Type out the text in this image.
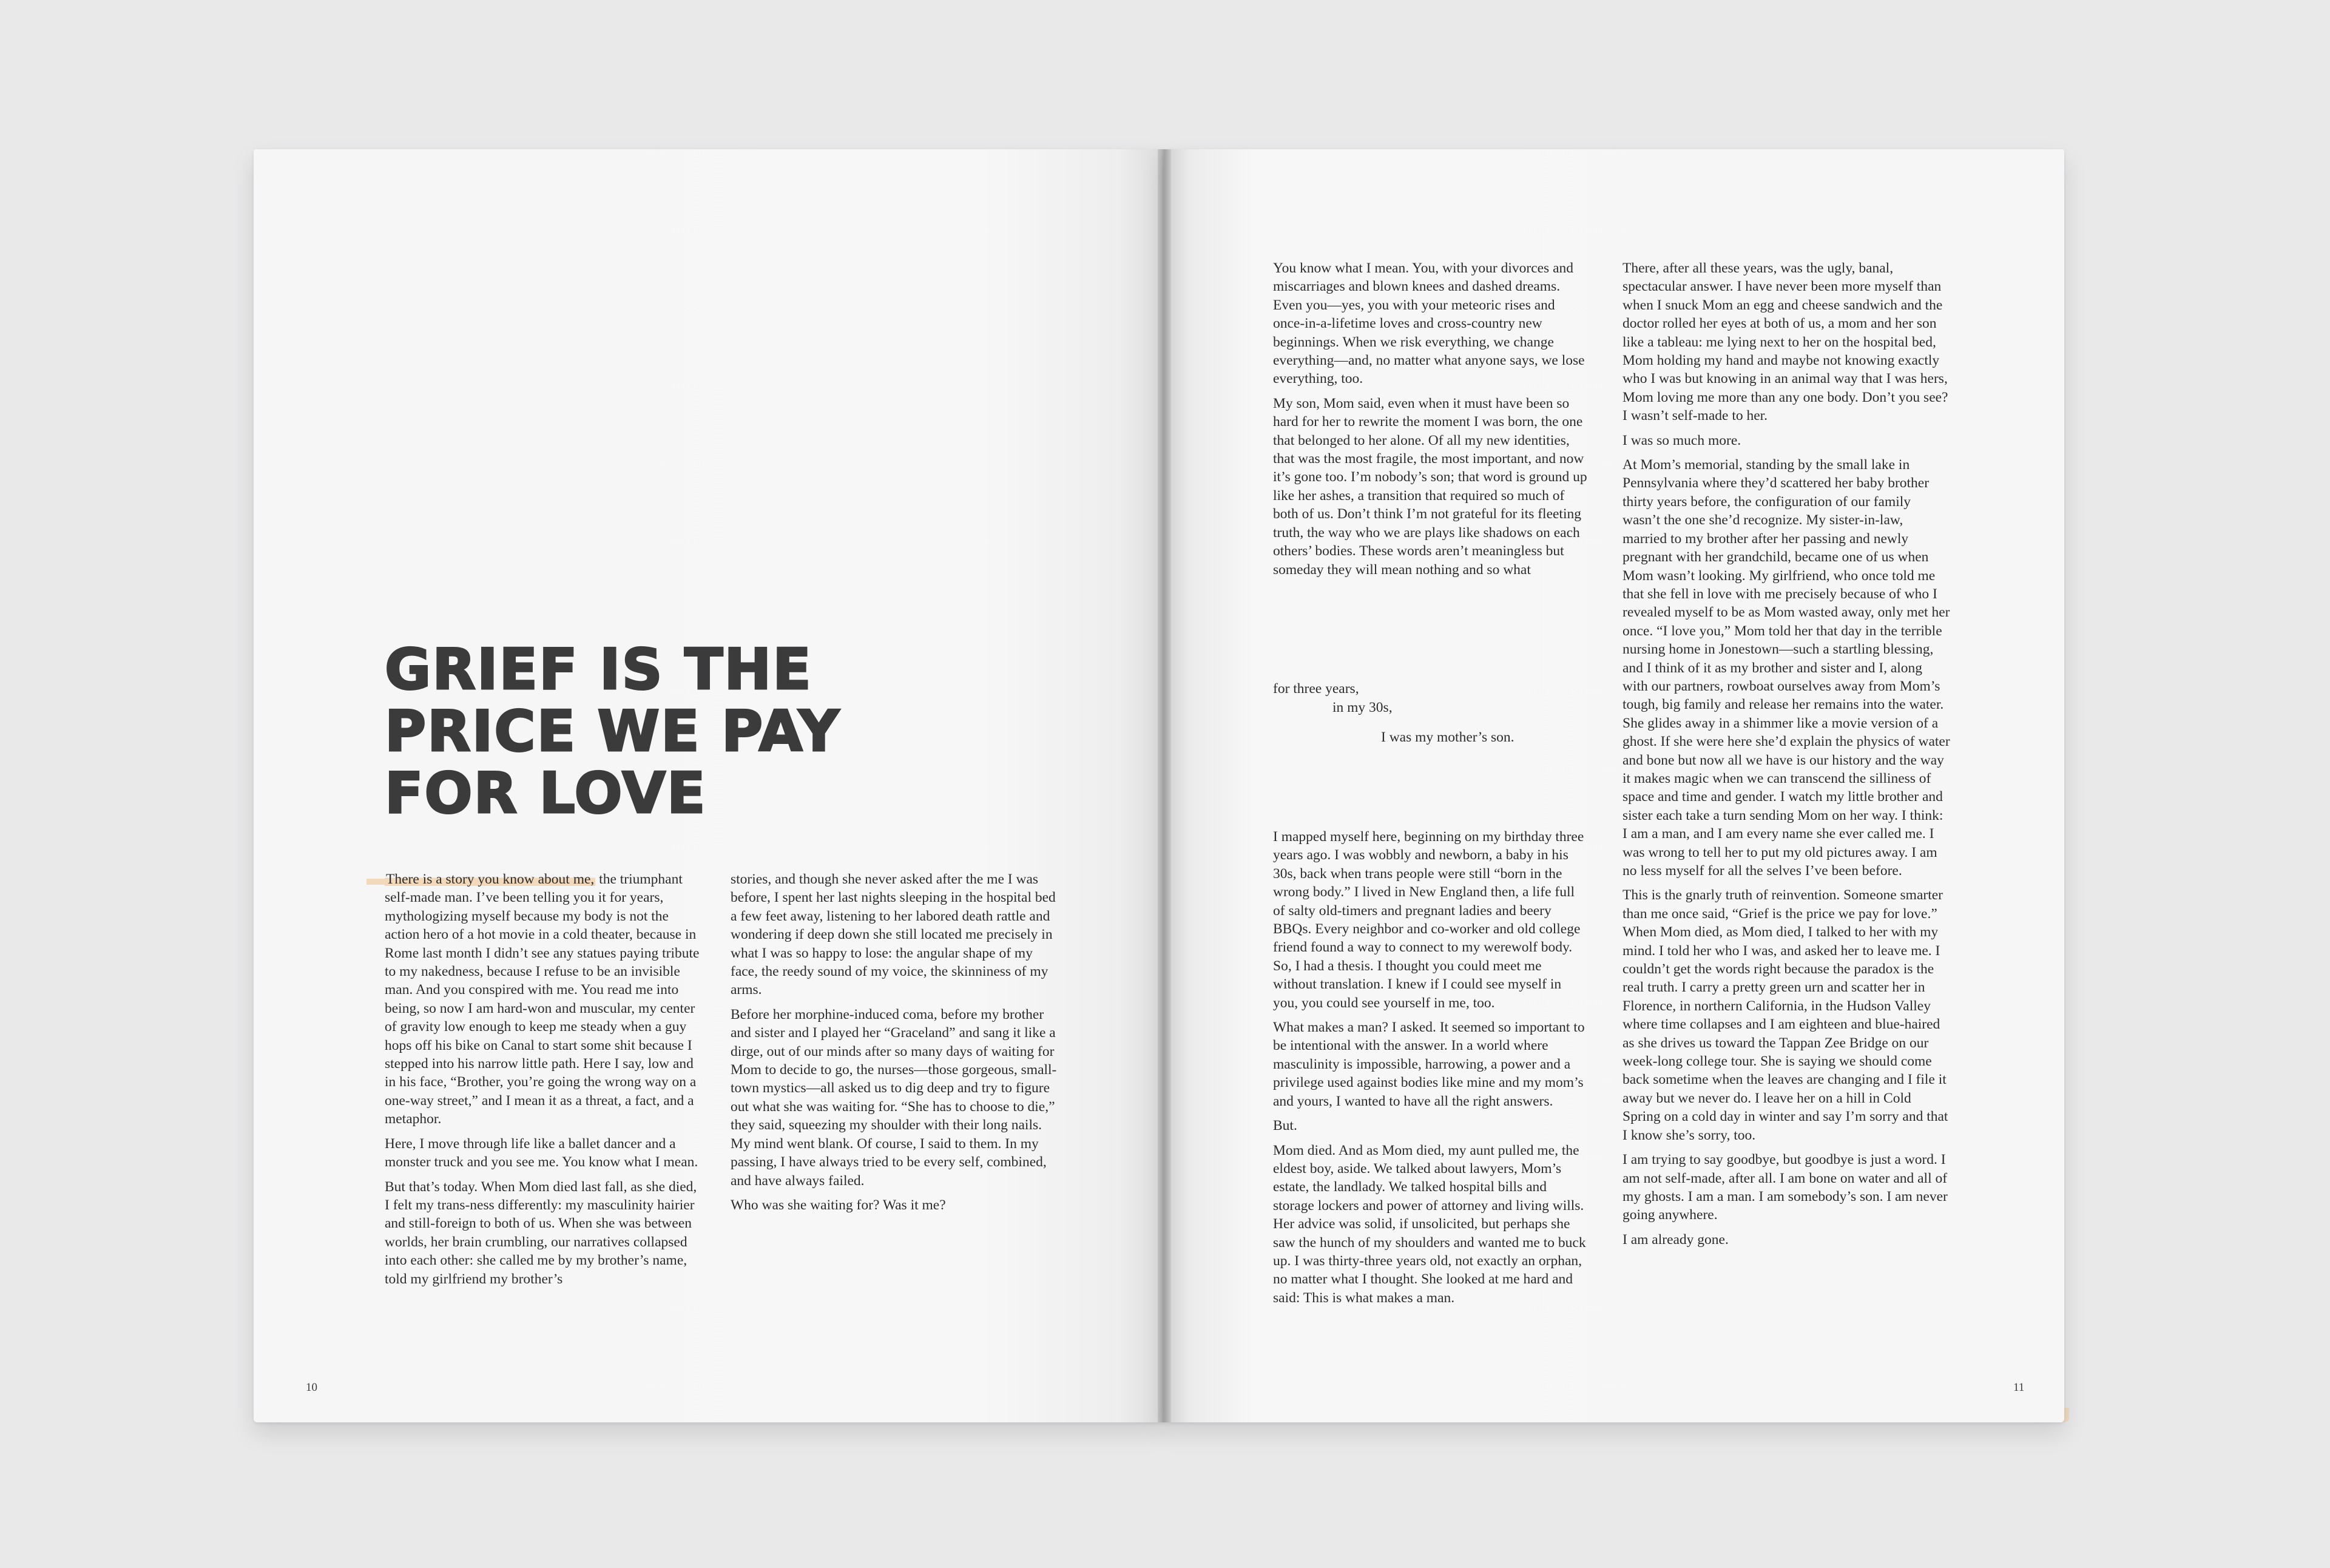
GRIEF IS THE
PRICE WE PAY
FOR LOVE

There is a story you know about me, the triumphant self-made man. I’ve been telling you it for years, mythologizing myself because my body is not the action hero of a hot movie in a cold theater, because in Rome last month I didn’t see any statues paying tribute to my nakedness, because I refuse to be an invisible man. And you conspired with me. You read me into being, so now I am hard-won and muscular, my center of gravity low enough to keep me steady when a guy hops off his bike on Canal to start some shit because I stepped into his narrow little path. Here I say, low and in his face, “Brother, you’re going the wrong way on a one-way street,” and I mean it as a threat, a fact, and a metaphor.

Here, I move through life like a ballet dancer and a monster truck and you see me. You know what I mean.

But that’s today. When Mom died last fall, as she died, I felt my trans-ness differently: my masculinity hairier and still-foreign to both of us. When she was between worlds, her brain crumbling, our narratives collapsed into each other: she called me by my brother’s name, told my girlfriend my brother’s

stories, and though she never asked after the me I was before, I spent her last nights sleeping in the hospital bed a few feet away, listening to her labored death rattle and wondering if deep down she still located me precisely in what I was so happy to lose: the angular shape of my face, the reedy sound of my voice, the skinniness of my arms.

Before her morphine-induced coma, before my brother and sister and I played her “Graceland” and sang it like a dirge, out of our minds after so many days of waiting for Mom to decide to go, the nurses—those gorgeous, small-town mystics—all asked us to dig deep and try to figure out what she was waiting for. “She has to choose to die,” they said, squeezing my shoulder with their long nails. My mind went blank. Of course, I said to them. In my passing, I have always tried to be every self, combined, and have always failed.

Who was she waiting for? Was it me?

You know what I mean. You, with your divorces and miscarriages and blown knees and dashed dreams. Even you—yes, you with your meteoric rises and once-in-a-lifetime loves and cross-country new beginnings. When we risk everything, we change everything—and, no matter what anyone says, we lose everything, too.

My son, Mom said, even when it must have been so hard for her to rewrite the moment I was born, the one that belonged to her alone. Of all my new identities, that was the most fragile, the most important, and now it’s gone too. I’m nobody’s son; that word is ground up like her ashes, a transition that required so much of both of us. Don’t think I’m not grateful for its fleeting truth, the way who we are plays like shadows on each others’ bodies. These words aren’t meaningless but someday they will mean nothing and so what

for three years,
in my 30s,
I was my mother’s son.

I mapped myself here, beginning on my birthday three years ago. I was wobbly and newborn, a baby in his 30s, back when trans people were still “born in the wrong body.” I lived in New England then, a life full of salty old-timers and pregnant ladies and beery BBQs. Every neighbor and co-worker and old college friend found a way to connect to my werewolf body. So, I had a thesis. I thought you could meet me without translation. I knew if I could see myself in you, you could see yourself in me, too.

What makes a man? I asked. It seemed so important to be intentional with the answer. In a world where masculinity is impossible, harrowing, a power and a privilege used against bodies like mine and my mom’s and yours, I wanted to have all the right answers.

But.

Mom died. And as Mom died, my aunt pulled me, the eldest boy, aside. We talked about lawyers, Mom’s estate, the landlady. We talked hospital bills and storage lockers and power of attorney and living wills. Her advice was solid, if unsolicited, but perhaps she saw the hunch of my shoulders and wanted me to buck up. I was thirty-three years old, not exactly an orphan, no matter what I thought. She looked at me hard and said: This is what makes a man.

There, after all these years, was the ugly, banal, spectacular answer. I have never been more myself than when I snuck Mom an egg and cheese sandwich and the doctor rolled her eyes at both of us, a mom and her son like a tableau: me lying next to her on the hospital bed, Mom holding my hand and maybe not knowing exactly who I was but knowing in an animal way that I was hers, Mom loving me more than any one body. Don’t you see? I wasn’t self-made to her.

I was so much more.

At Mom’s memorial, standing by the small lake in Pennsylvania where they’d scattered her baby brother thirty years before, the configuration of our family wasn’t the one she’d recognize. My sister-in-law, married to my brother after her passing and newly pregnant with her grandchild, became one of us when Mom wasn’t looking. My girlfriend, who once told me that she fell in love with me precisely because of who I revealed myself to be as Mom wasted away, only met her once. “I love you,” Mom told her that day in the terrible nursing home in Jonestown—such a startling blessing, and I think of it as my brother and sister and I, along with our partners, rowboat ourselves away from Mom’s tough, big family and release her remains into the water. She glides away in a shimmer like a movie version of a ghost. If she were here she’d explain the physics of water and bone but now all we have is our history and the way it makes magic when we can transcend the silliness of space and time and gender. I watch my little brother and sister each take a turn sending Mom on her way. I think: I am a man, and I am every name she ever called me. I was wrong to tell her to put my old pictures away. I am no less myself for all the selves I’ve been before.

This is the gnarly truth of reinvention. Someone smarter than me once said, “Grief is the price we pay for love.” When Mom died, as Mom died, I talked to her with my mind. I told her who I was, and asked her to leave me. I couldn’t get the words right because the paradox is the real truth. I carry a pretty green urn and scatter her in Florence, in northern California, in the Hudson Valley where time collapses and I am eighteen and blue-haired as she drives us toward the Tappan Zee Bridge on our week-long college tour. She is saying we should come back sometime when the leaves are changing and I file it away but we never do. I leave her on a hill in Cold Spring on a cold day in winter and say I’m sorry and that I know she’s sorry, too.

I am trying to say goodbye, but goodbye is just a word. I am not self-made, after all. I am bone on water and all of my ghosts. I am a man. I am somebody’s son. I am never going anywhere.

I am already gone.

10	11
